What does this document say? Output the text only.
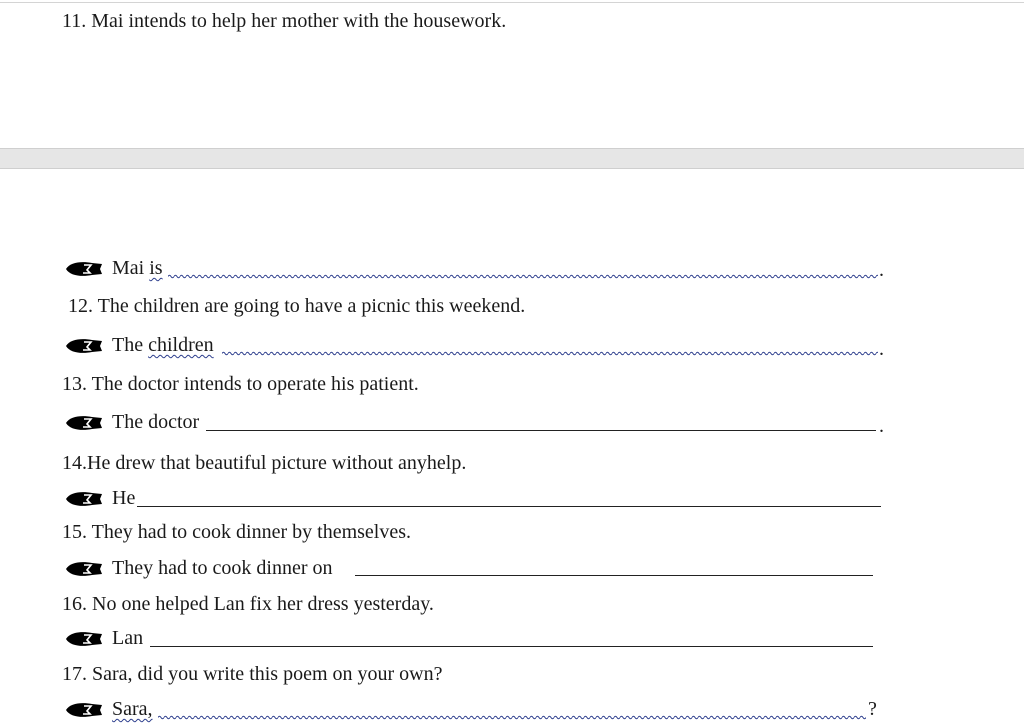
11. Mai intends to help her mother with the housework.
Mai is	.
12. The children are going to have a picnic this weekend.
The children	.
13. The doctor intends to operate his patient.
The doctor	.
14.He drew that beautiful picture without anyhelp.
He
15. They had to cook dinner by themselves.
They had to cook dinner on
16. No one helped Lan fix her dress yesterday.
Lan
17. Sara, did you write this poem on your own?
Sara,	?
